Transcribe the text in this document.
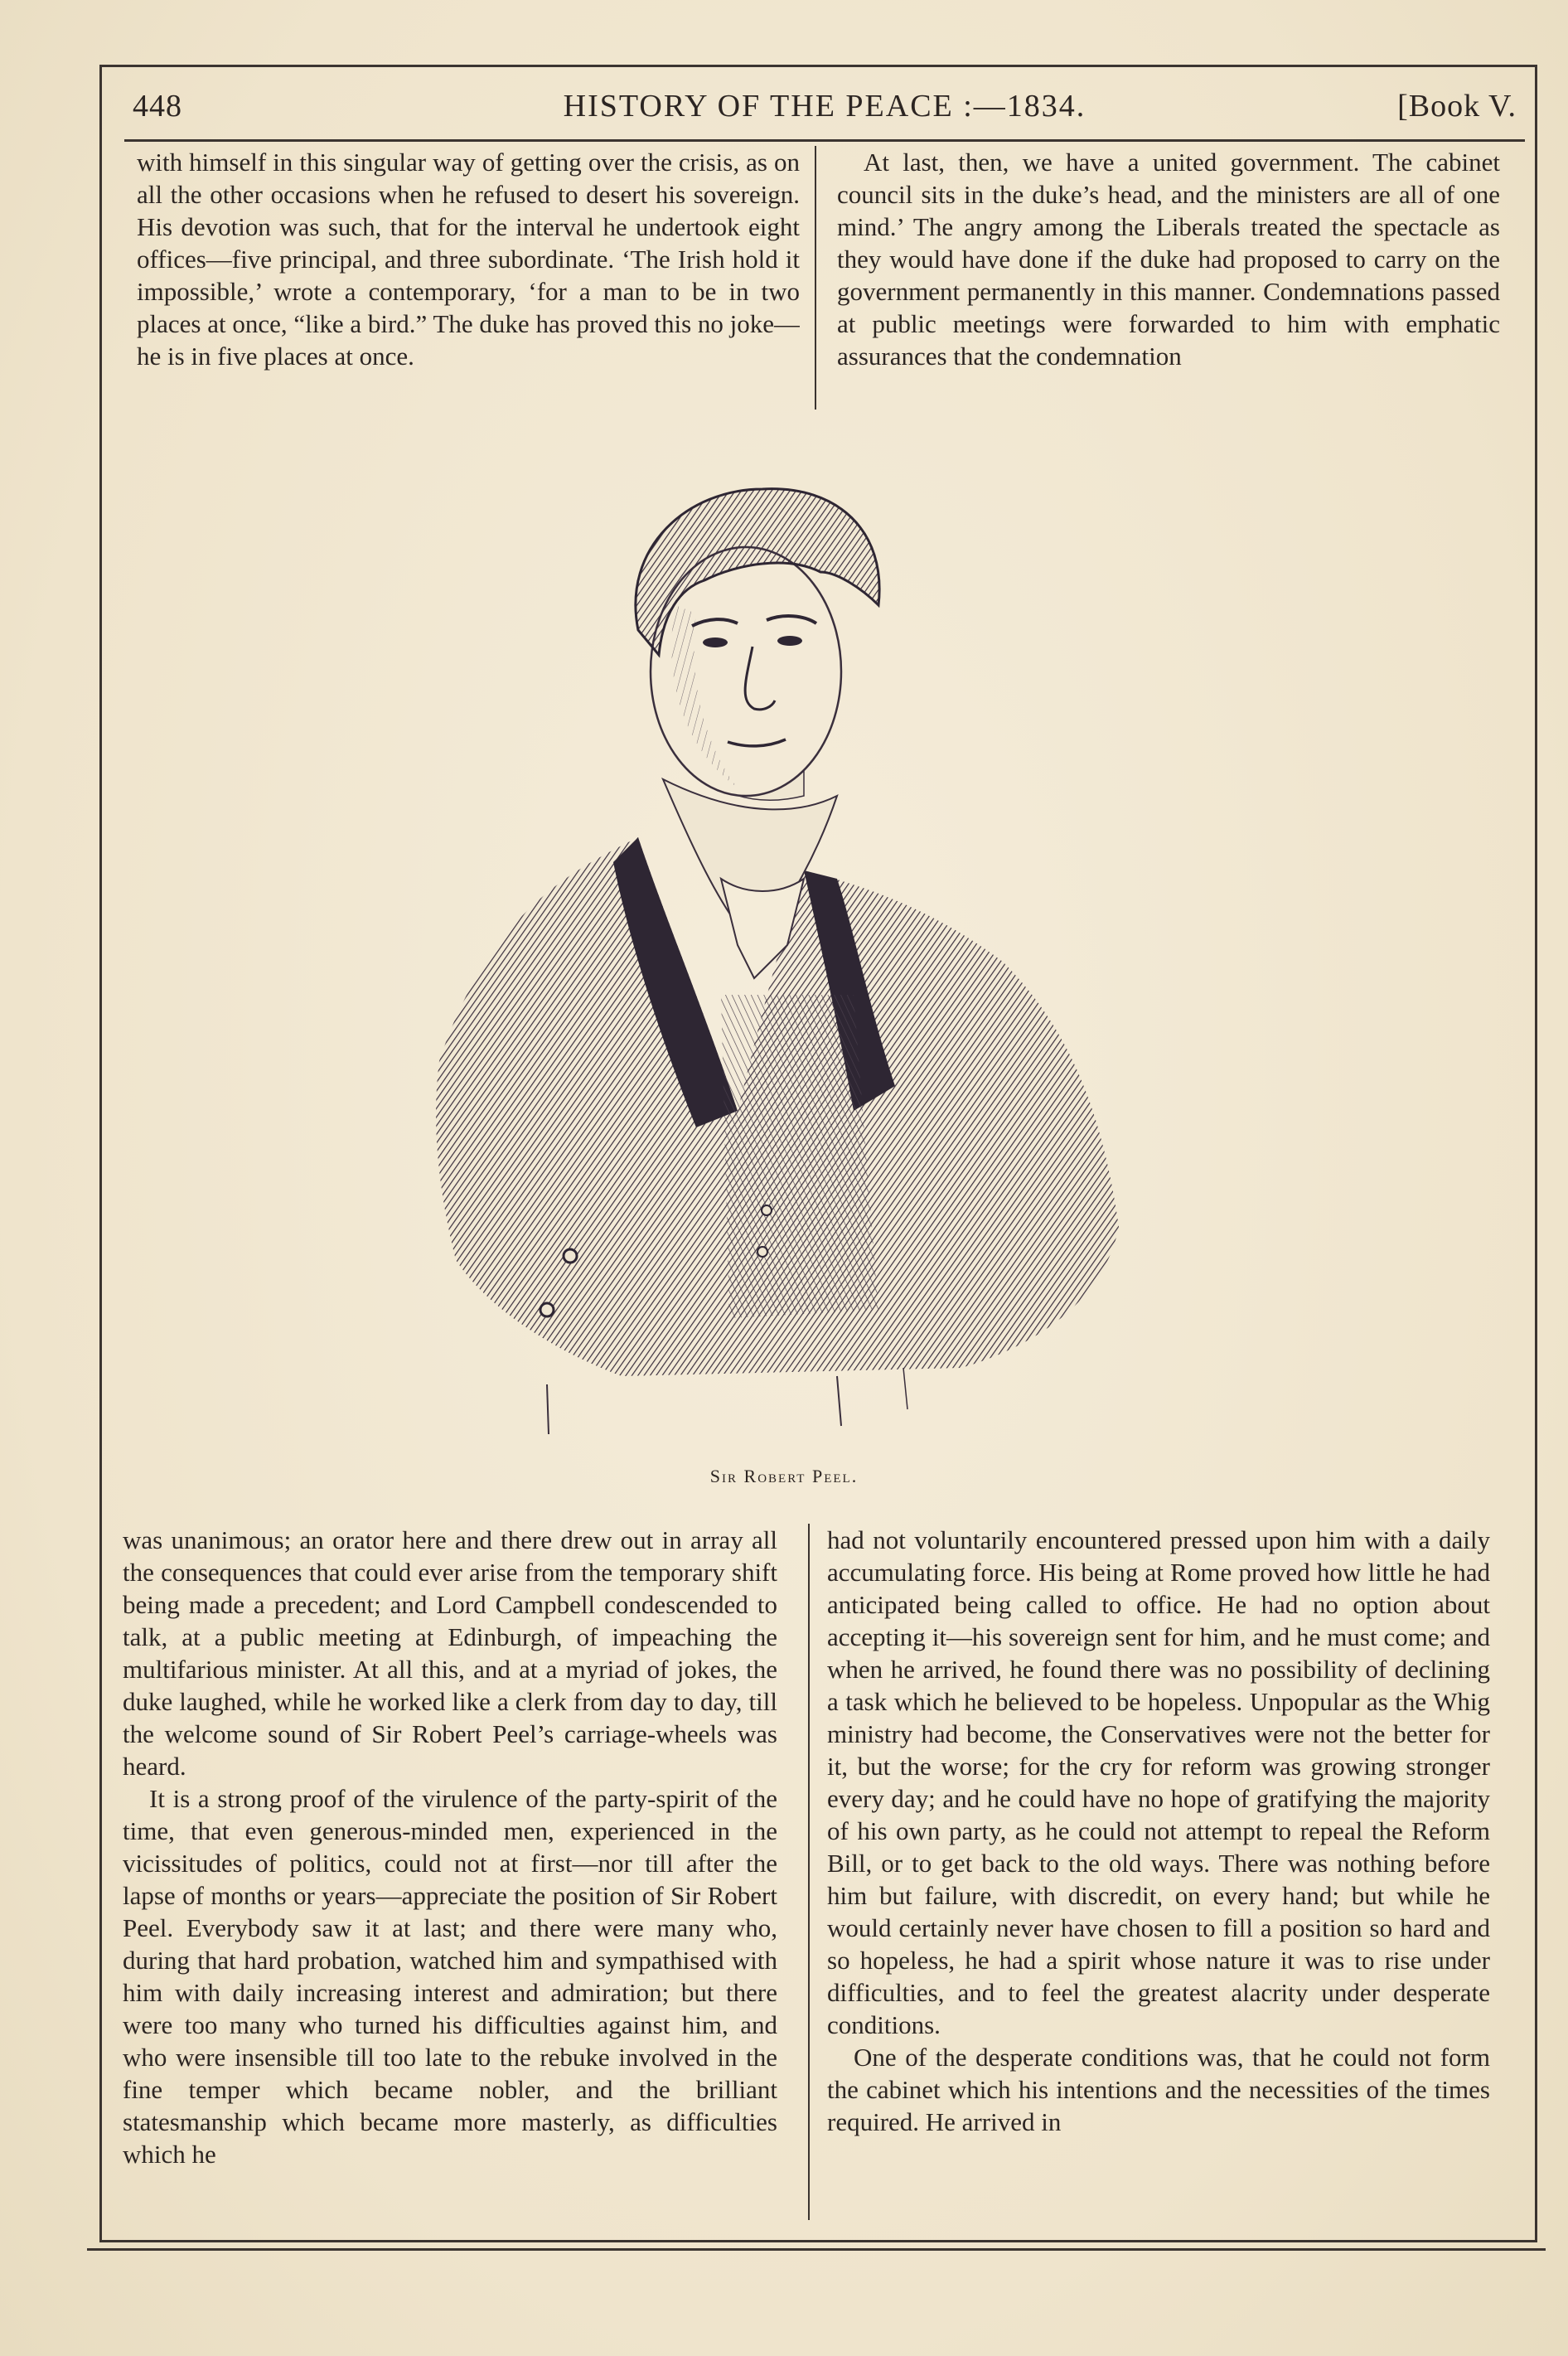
448	HISTORY OF THE PEACE :—1834.	[Book V.

with himself in this singular way of getting over the crisis, as on all the other occasions when he refused to desert his sovereign. His devotion was such, that for the interval he undertook eight offices—five principal, and three subordinate. ‘The Irish hold it impossible,’ wrote a contemporary, ‘for a man to be in two places at once, “like a bird.” The duke has proved this no joke—he is in five places at once.

At last, then, we have a united government. The cabinet council sits in the duke’s head, and the ministers are all of one mind.’ The angry among the Liberals treated the spectacle as they would have done if the duke had proposed to carry on the government permanently in this manner. Condemnations passed at public meetings were forwarded to him with emphatic assurances that the condemnation

Sir Robert Peel.

was unanimous; an orator here and there drew out in array all the consequences that could ever arise from the temporary shift being made a precedent; and Lord Campbell condescended to talk, at a public meeting at Edinburgh, of impeaching the multifarious minister. At all this, and at a myriad of jokes, the duke laughed, while he worked like a clerk from day to day, till the welcome sound of Sir Robert Peel’s carriage-wheels was heard.

It is a strong proof of the virulence of the party-spirit of the time, that even generous-minded men, experienced in the vicissitudes of politics, could not at first—nor till after the lapse of months or years—appreciate the position of Sir Robert Peel. Everybody saw it at last; and there were many who, during that hard probation, watched him and sympathised with him with daily increasing interest and admiration; but there were too many who turned his difficulties against him, and who were insensible till too late to the rebuke involved in the fine temper which became nobler, and the brilliant statesmanship which became more masterly, as difficulties which he

had not voluntarily encountered pressed upon him with a daily accumulating force. His being at Rome proved how little he had anticipated being called to office. He had no option about accepting it—his sovereign sent for him, and he must come; and when he arrived, he found there was no possibility of declining a task which he believed to be hopeless. Unpopular as the Whig ministry had become, the Conservatives were not the better for it, but the worse; for the cry for reform was growing stronger every day; and he could have no hope of gratifying the majority of his own party, as he could not attempt to repeal the Reform Bill, or to get back to the old ways. There was nothing before him but failure, with discredit, on every hand; but while he would certainly never have chosen to fill a position so hard and so hopeless, he had a spirit whose nature it was to rise under difficulties, and to feel the greatest alacrity under desperate conditions.

One of the desperate conditions was, that he could not form the cabinet which his intentions and the necessities of the times required. He arrived in
